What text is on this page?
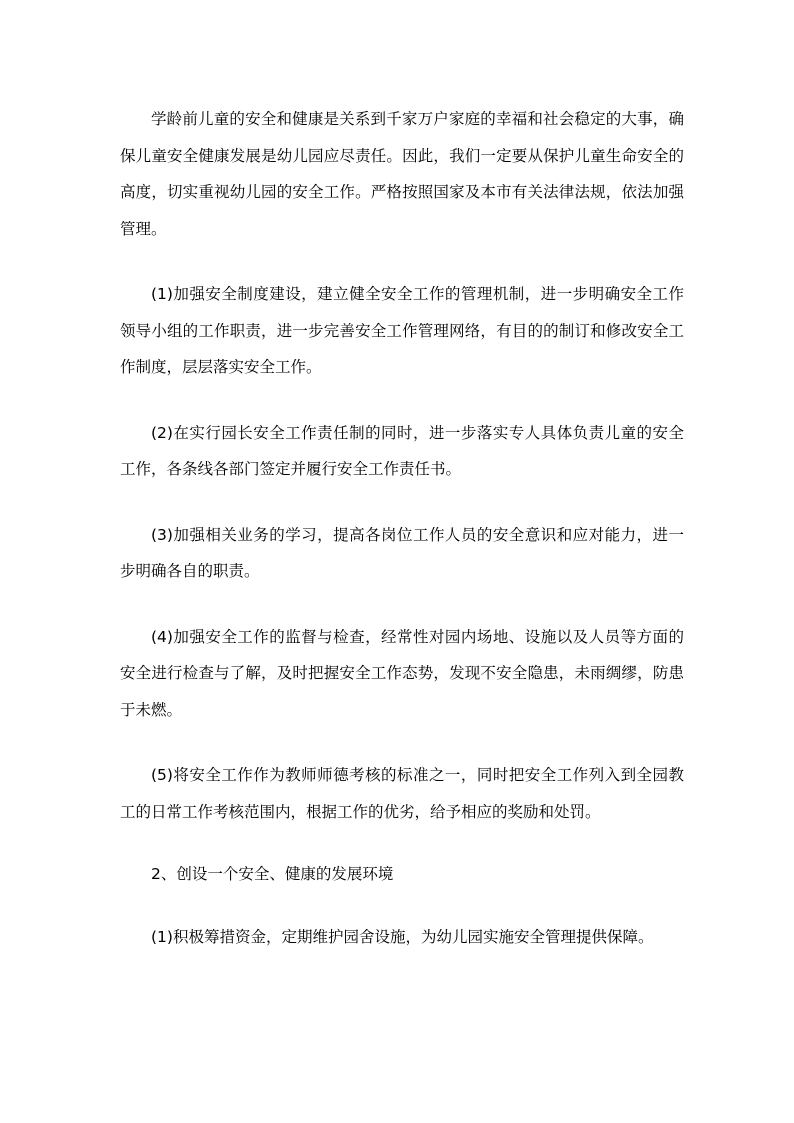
学龄前儿童的安全和健康是关系到千家万户家庭的幸福和社会稳定的大事，确保儿童安全健康发展是幼儿园应尽责任。因此，我们一定要从保护儿童生命安全的高度，切实重视幼儿园的安全工作。严格按照国家及本市有关法律法规，依法加强管理。

(1)加强安全制度建设，建立健全安全工作的管理机制，进一步明确安全工作领导小组的工作职责，进一步完善安全工作管理网络，有目的的制订和修改安全工作制度，层层落实安全工作。

(2)在实行园长安全工作责任制的同时，进一步落实专人具体负责儿童的安全工作，各条线各部门签定并履行安全工作责任书。

(3)加强相关业务的学习，提高各岗位工作人员的安全意识和应对能力，进一步明确各自的职责。

(4)加强安全工作的监督与检查，经常性对园内场地、设施以及人员等方面的安全进行检查与了解，及时把握安全工作态势，发现不安全隐患，未雨绸缪，防患于未燃。

(5)将安全工作作为教师师德考核的标准之一，同时把安全工作列入到全园教工的日常工作考核范围内，根据工作的优劣，给予相应的奖励和处罚。

2、创设一个安全、健康的发展环境

(1)积极筹措资金，定期维护园舍设施，为幼儿园实施安全管理提供保障。
